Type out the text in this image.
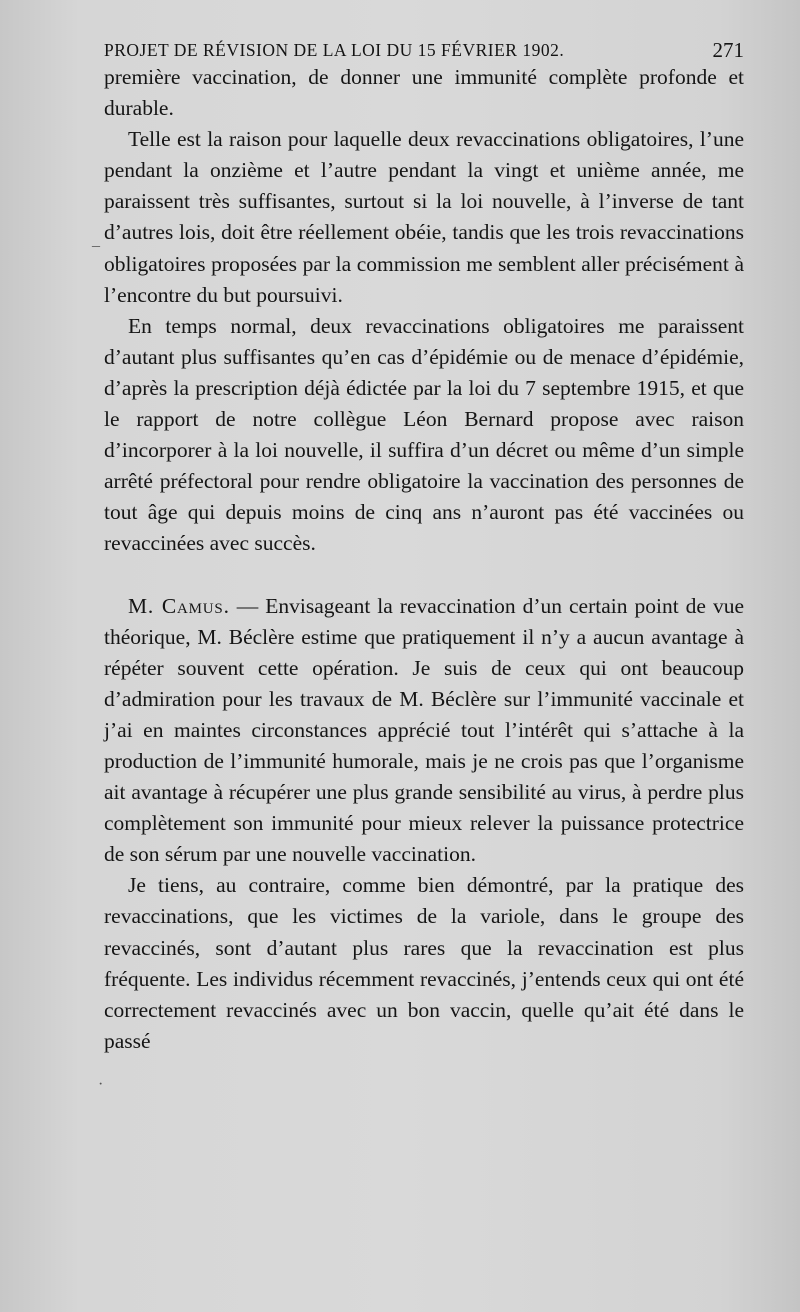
PROJET DE RÉVISION DE LA LOI DU 15 FÉVRIER 1902.	271

première vaccination, de donner une immunité complète profonde et durable.

Telle est la raison pour laquelle deux revaccinations obligatoires, l’une pendant la onzième et l’autre pendant la vingt et unième année, me paraissent très suffisantes, surtout si la loi nouvelle, à l’inverse de tant d’autres lois, doit être réellement obéie, tandis que les trois revaccinations obligatoires proposées par la commission me semblent aller précisément à l’encontre du but poursuivi.

En temps normal, deux revaccinations obligatoires me paraissent d’autant plus suffisantes qu’en cas d’épidémie ou de menace d’épidémie, d’après la prescription déjà édictée par la loi du 7 septembre 1915, et que le rapport de notre collègue Léon Bernard propose avec raison d’incorporer à la loi nouvelle, il suffira d’un décret ou même d’un simple arrêté préfectoral pour rendre obligatoire la vaccination des personnes de tout âge qui depuis moins de cinq ans n’auront pas été vaccinées ou revaccinées avec succès.

M. Camus. — Envisageant la revaccination d’un certain point de vue théorique, M. Béclère estime que pratiquement il n’y a aucun avantage à répéter souvent cette opération. Je suis de ceux qui ont beaucoup d’admiration pour les travaux de M. Béclère sur l’immunité vaccinale et j’ai en maintes circonstances apprécié tout l’intérêt qui s’attache à la production de l’immunité humorale, mais je ne crois pas que l’organisme ait avantage à récupérer une plus grande sensibilité au virus, à perdre plus complètement son immunité pour mieux relever la puissance protectrice de son sérum par une nouvelle vaccination.

Je tiens, au contraire, comme bien démontré, par la pratique des revaccinations, que les victimes de la variole, dans le groupe des revaccinés, sont d’autant plus rares que la revaccination est plus fréquente. Les individus récemment revaccinés, j’entends ceux qui ont été correctement revaccinés avec un bon vaccin, quelle qu’ait été dans le passé

_
·
